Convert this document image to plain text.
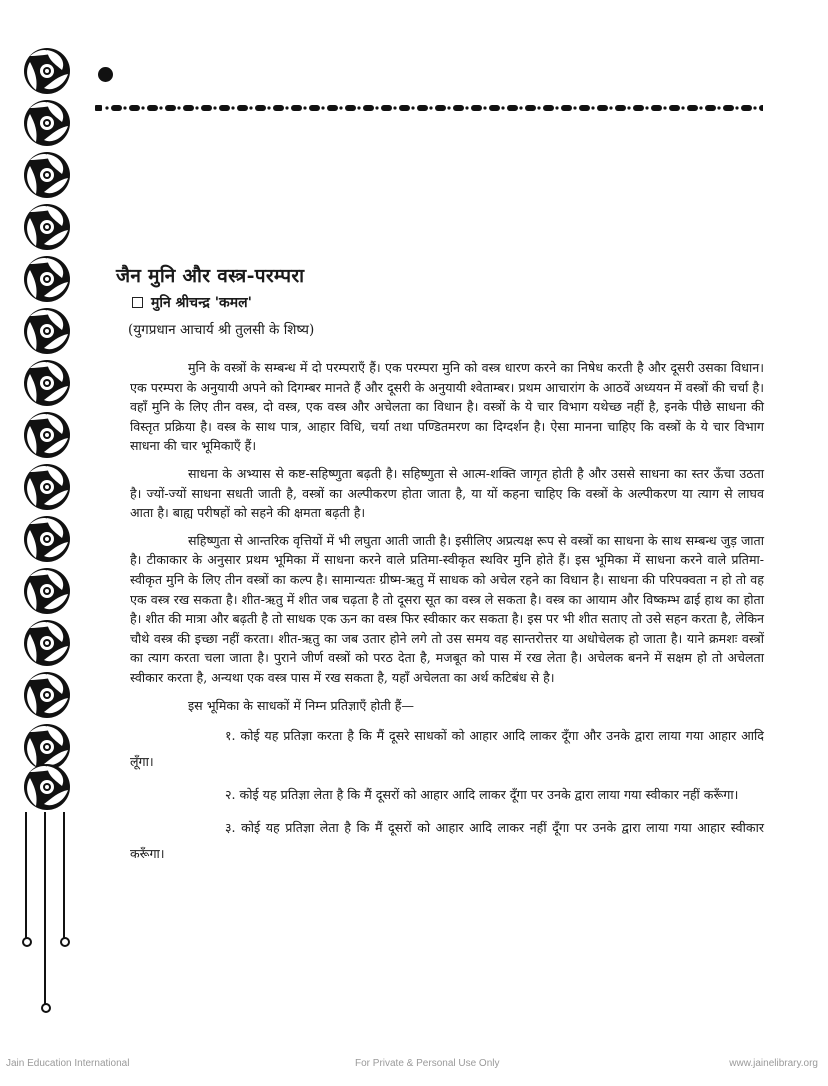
जैन मुनि और वस्त्र-परम्परा
मुनि श्रीचन्द्र 'कमल'
(युगप्रधान आचार्य श्री तुलसी के शिष्य)

मुनि के वस्त्रों के सम्बन्ध में दो परम्पराएँ हैं। एक परम्परा मुनि को वस्त्र धारण करने का निषेध करती है और दूसरी उसका विधान। एक परम्परा के अनुयायी अपने को दिगम्बर मानते हैं और दूसरी के अनुयायी श्वेताम्बर। प्रथम आचारांग के आठवें अध्ययन में वस्त्रों की चर्चा है। वहाँ मुनि के लिए तीन वस्त्र, दो वस्त्र, एक वस्त्र और अचेलता का विधान है। वस्त्रों के ये चार विभाग यथेच्छ नहीं है, इनके पीछे साधना की विस्तृत प्रक्रिया है। वस्त्र के साथ पात्र, आहार विधि, चर्या तथा पण्डितमरण का दिग्दर्शन है। ऐसा मानना चाहिए कि वस्त्रों के ये चार विभाग साधना की चार भूमिकाएँ हैं।

साधना के अभ्यास से कष्ट-सहिष्णुता बढ़ती है। सहिष्णुता से आत्म-शक्ति जागृत होती है और उससे साधना का स्तर ऊँचा उठता है। ज्यों-ज्यों साधना सधती जाती है, वस्त्रों का अल्पीकरण होता जाता है, या यों कहना चाहिए कि वस्त्रों के अल्पीकरण या त्याग से लाघव आता है। बाह्य परीषहों को सहने की क्षमता बढ़ती है।

सहिष्णुता से आन्तरिक वृत्तियों में भी लघुता आती जाती है। इसीलिए अप्रत्यक्ष रूप से वस्त्रों का साधना के साथ सम्बन्ध जुड़ जाता है। टीकाकार के अनुसार प्रथम भूमिका में साधना करने वाले प्रतिमा-स्वीकृत स्थविर मुनि होते हैं। इस भूमिका में साधना करने वाले प्रतिमा-स्वीकृत मुनि के लिए तीन वस्त्रों का कल्प है। सामान्यतः ग्रीष्म-ऋतु में साधक को अचेल रहने का विधान है। साधना की परिपक्वता न हो तो वह एक वस्त्र रख सकता है। शीत-ऋतु में शीत जब चढ़ता है तो दूसरा सूत का वस्त्र ले सकता है। वस्त्र का आयाम और विष्कम्भ ढाई हाथ का होता है। शीत की मात्रा और बढ़ती है तो साधक एक ऊन का वस्त्र फिर स्वीकार कर सकता है। इस पर भी शीत सताए तो उसे सहन करता है, लेकिन चौथे वस्त्र की इच्छा नहीं करता। शीत-ऋतु का जब उतार होने लगे तो उस समय वह सान्तरोत्तर या अधोचेलक हो जाता है। याने क्रमशः वस्त्रों का त्याग करता चला जाता है। पुराने जीर्ण वस्त्रों को परठ देता है, मजबूत को पास में रख लेता है। अचेलक बनने में सक्षम हो तो अचेलता स्वीकार करता है, अन्यथा एक वस्त्र पास में रख सकता है, यहाँ अचेलता का अर्थ कटिबंध से है।

इस भूमिका के साधकों में निम्न प्रतिज्ञाएँ होती हैं—

१. कोई यह प्रतिज्ञा करता है कि मैं दूसरे साधकों को आहार आदि लाकर दूँगा और उनके द्वारा लाया गया आहार आदि लूँगा।

२. कोई यह प्रतिज्ञा लेता है कि मैं दूसरों को आहार आदि लाकर दूँगा पर उनके द्वारा लाया गया स्वीकार नहीं करूँगा।

३. कोई यह प्रतिज्ञा लेता है कि मैं दूसरों को आहार आदि लाकर नहीं दूँगा पर उनके द्वारा लाया गया आहार स्वीकार करूँगा।

Jain Education International	For Private & Personal Use Only	www.jainelibrary.org
